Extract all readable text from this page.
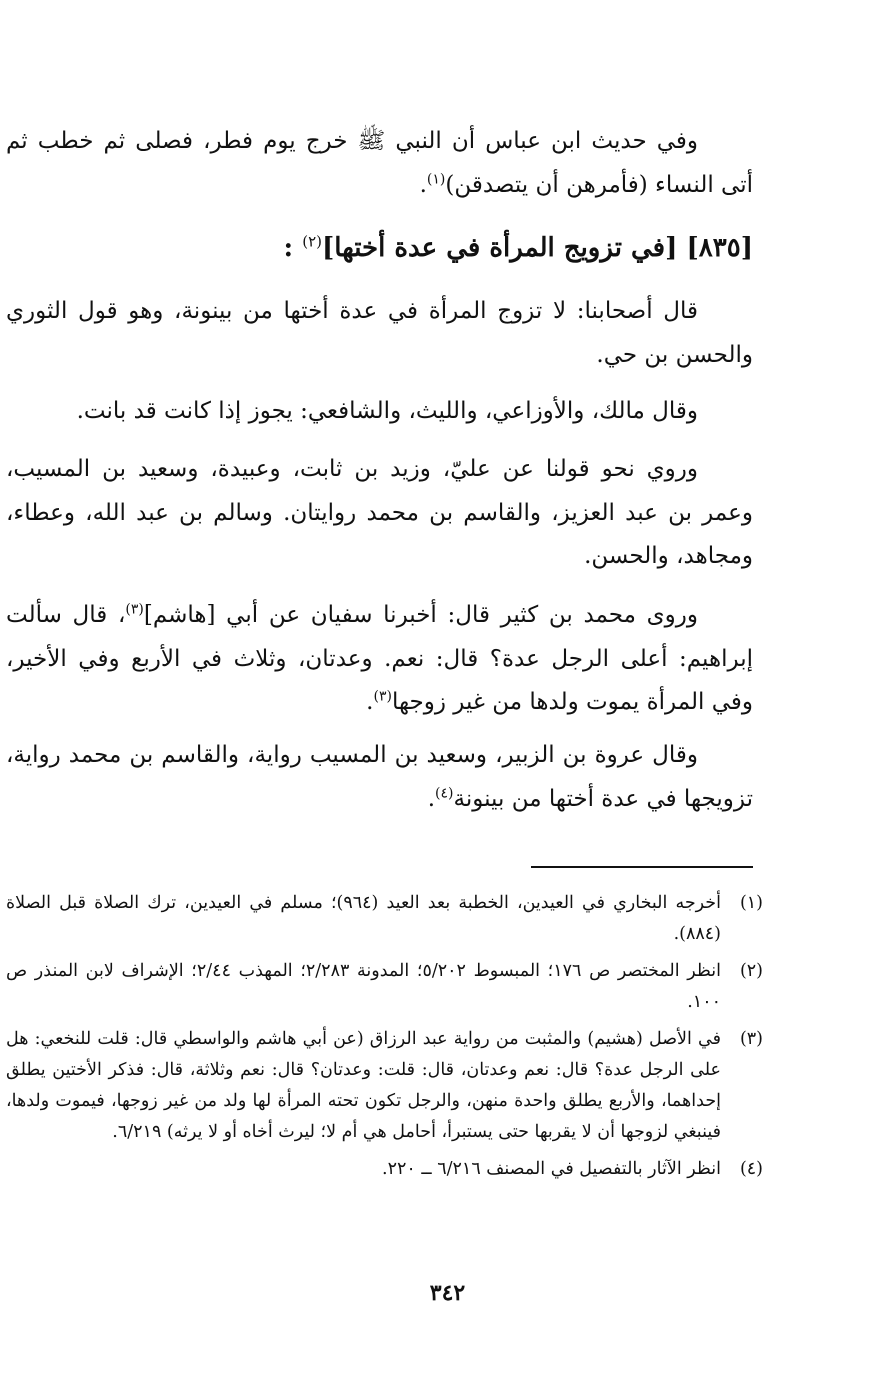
وفي حديث ابن عباس أن النبي ﷺ خرج يوم فطر، فصلى ثم خطب ثم أتى النساء (فأمرهن أن يتصدقن)$^{(١)}$.

[٨٣٥] [في تزويج المرأة في عدة أختها]$^{(٢)}$ :

قال أصحابنا: لا تزوج المرأة في عدة أختها من بينونة، وهو قول الثوري والحسن بن حي.

وقال مالك، والأوزاعي، والليث، والشافعي: يجوز إذا كانت قد بانت.

وروي نحو قولنا عن عليّ، وزيد بن ثابت، وعبيدة، وسعيد بن المسيب، وعمر بن عبد العزيز، والقاسم بن محمد روايتان. وسالم بن عبد الله، وعطاء، ومجاهد، والحسن.

وروى محمد بن كثير قال: أخبرنا سفيان عن أبي [هاشم]$^{(٣)}$، قال سألت إبراهيم: أعلى الرجل عدة؟ قال: نعم. وعدتان، وثلاث في الأربع وفي الأخير، وفي المرأة يموت ولدها من غير زوجها$^{(٣)}$.

وقال عروة بن الزبير، وسعيد بن المسيب رواية، والقاسم بن محمد رواية، تزويجها في عدة أختها من بينونة$^{(٤)}$.

(١)
أخرجه البخاري في العيدين، الخطبة بعد العيد (٩٦٤)؛ مسلم في العيدين، ترك الصلاة قبل الصلاة (٨٨٤).
(٢)
انظر المختصر ص ١٧٦؛ المبسوط ٥/٢٠٢؛ المدونة ٢/٢٨٣؛ المهذب ٢/٤٤؛ الإشراف لابن المنذر ص ١٠٠.
(٣)
في الأصل (هشيم) والمثبت من رواية عبد الرزاق (عن أبي هاشم والواسطي قال: قلت للنخعي: هل على الرجل عدة؟ قال: نعم وعدتان، قال: قلت: وعدتان؟ قال: نعم وثلاثة، قال: فذكر الأختين يطلق إحداهما، والأربع يطلق واحدة منهن، والرجل تكون تحته المرأة لها ولد من غير زوجها، فيموت ولدها، فينبغي لزوجها أن لا يقربها حتى يستبرأ، أحامل هي أم لا؛ ليرث أخاه أو لا يرثه) ٦/٢١٩.
(٤)
انظر الآثار بالتفصيل في المصنف ٦/٢١٦ ــ ٢٢٠.
٣٤٢
